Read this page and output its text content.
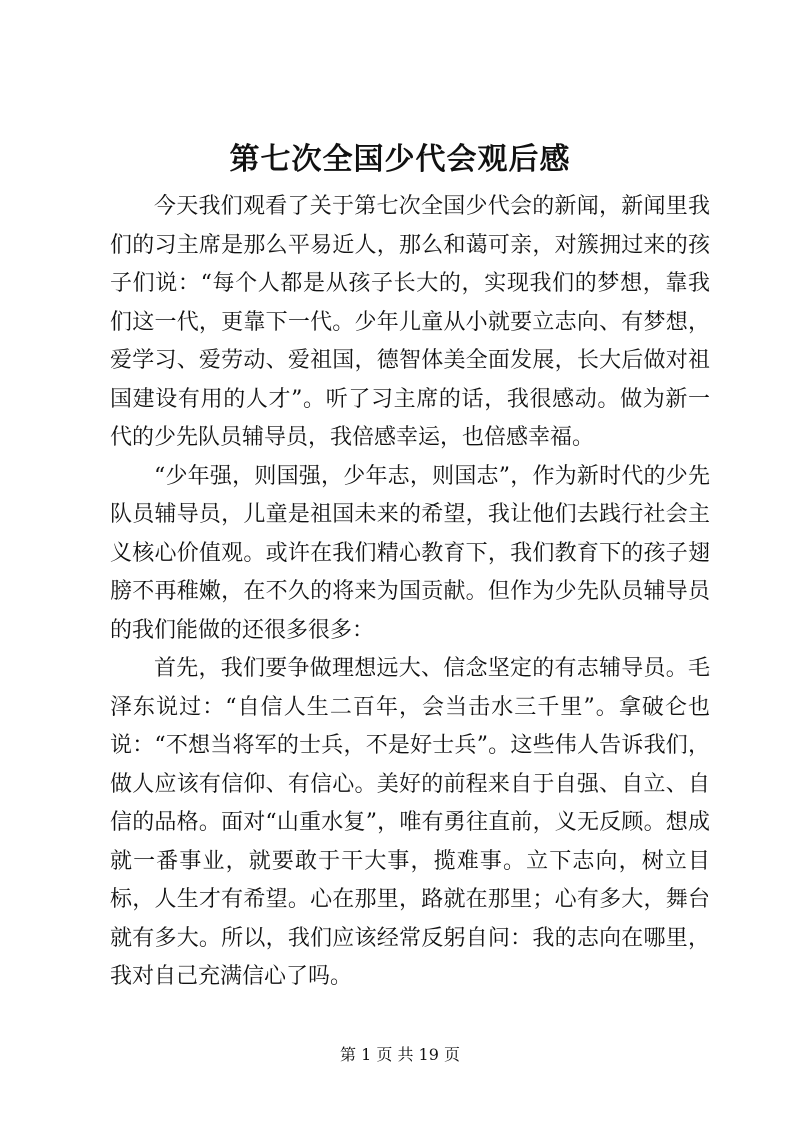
第七次全国少代会观后感

今天我们观看了关于第七次全国少代会的新闻，新闻里我们的习主席是那么平易近人，那么和蔼可亲，对簇拥过来的孩子们说：“每个人都是从孩子长大的，实现我们的梦想，靠我们这一代，更靠下一代。少年儿童从小就要立志向、有梦想，爱学习、爱劳动、爱祖国，德智体美全面发展，长大后做对祖国建设有用的人才”。听了习主席的话，我很感动。做为新一代的少先队员辅导员，我倍感幸运，也倍感幸福。

“少年强，则国强，少年志，则国志”，作为新时代的少先队员辅导员，儿童是祖国未来的希望，我让他们去践行社会主义核心价值观。或许在我们精心教育下，我们教育下的孩子翅膀不再稚嫩，在不久的将来为国贡献。但作为少先队员辅导员的我们能做的还很多很多：

首先，我们要争做理想远大、信念坚定的有志辅导员。毛泽东说过：“自信人生二百年，会当击水三千里”。拿破仑也说：“不想当将军的士兵，不是好士兵”。这些伟人告诉我们，做人应该有信仰、有信心。美好的前程来自于自强、自立、自信的品格。面对“山重水复”，唯有勇往直前，义无反顾。想成就一番事业，就要敢于干大事，揽难事。立下志向，树立目标，人生才有希望。心在那里，路就在那里；心有多大，舞台就有多大。所以，我们应该经常反躬自问：我的志向在哪里，我对自己充满信心了吗。

第 1 页 共 19 页
